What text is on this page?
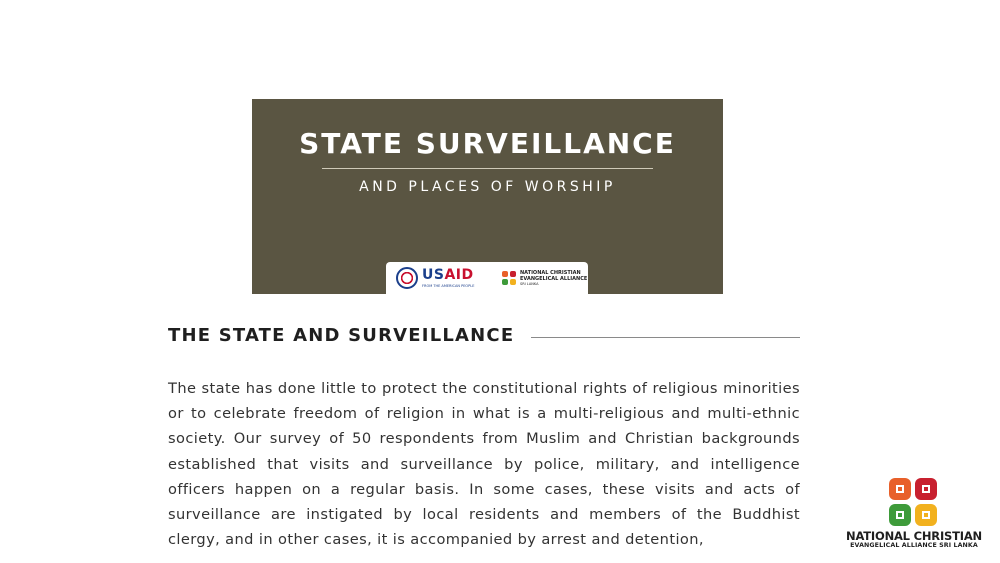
STATE SURVEILLANCE
AND PLACES OF WORSHIP
USAID
FROM THE AMERICAN PEOPLE
NATIONAL CHRISTIAN
EVANGELICAL ALLIANCE
SRI LANKA
THE STATE AND SURVEILLANCE

The state has done little to protect the constitutional rights of religious minorities or to celebrate freedom of religion in what is a multi-religious and multi-ethnic society. Our survey of 50 respondents from Muslim and Christian backgrounds established that visits and surveillance by police, military, and intelligence officers happen on a regular basis. In some cases, these visits and acts of surveillance are instigated by local residents and members of the Buddhist clergy, and in other cases, it is accompanied by arrest and detention,	NATIONAL CHRISTIAN
EVANGELICAL ALLIANCE SRI LANKA
